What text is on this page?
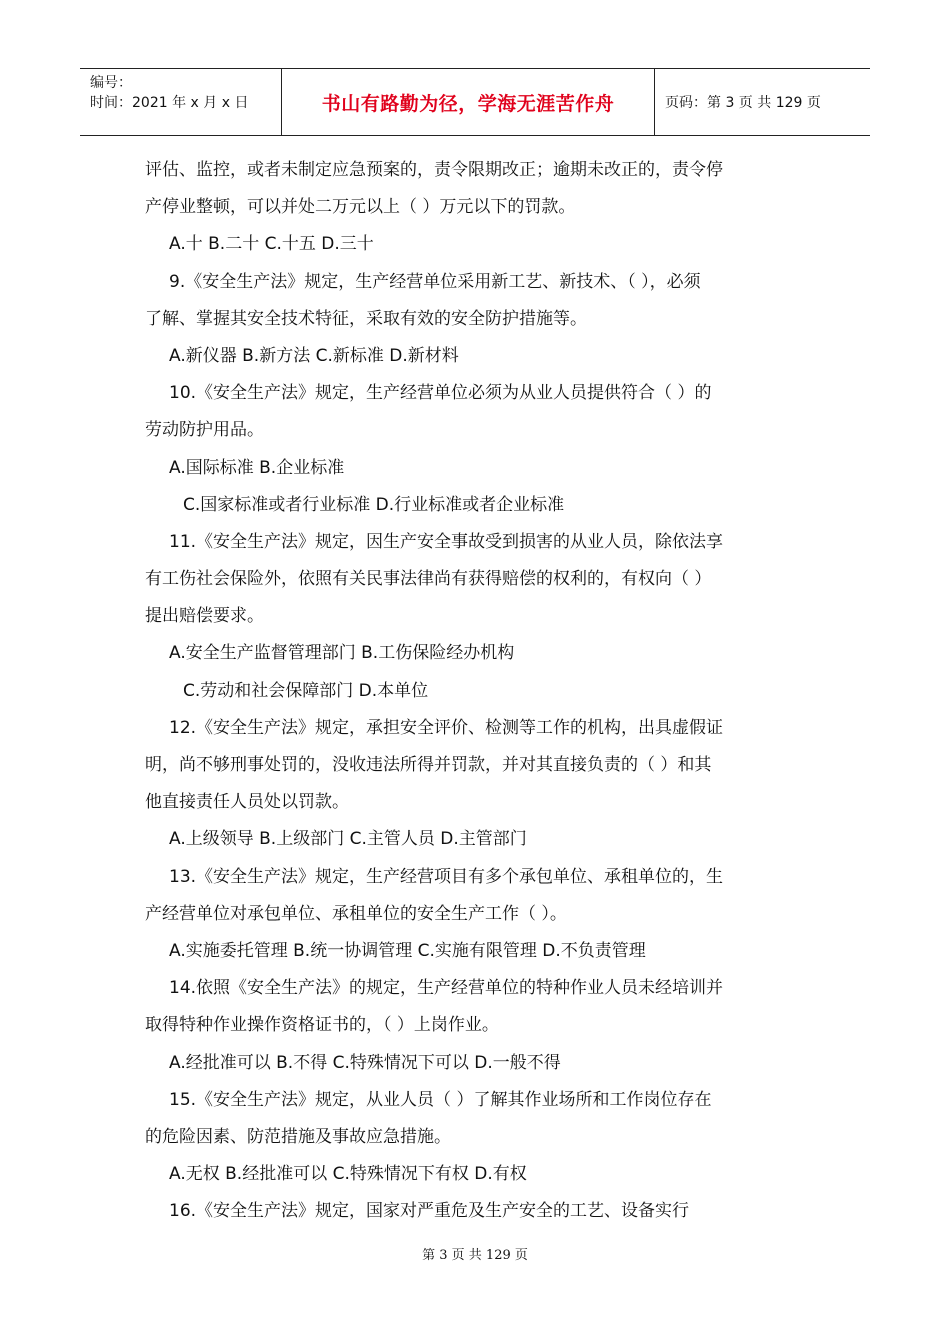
编号：
时间：2021 年 x 月 x 日	书山有路勤为径，学海无涯苦作舟	页码：第 3 页 共 129 页
评估、监控，或者未制定应急预案的，责令限期改正；逾期未改正的，责令停
产停业整顿，可以并处二万元以上（ ）万元以下的罚款。
A.十 B.二十 C.十五 D.三十
9.《安全生产法》规定，生产经营单位采用新工艺、新技术、（ ），必须
了解、掌握其安全技术特征，采取有效的安全防护措施等。
A.新仪器 B.新方法 C.新标准 D.新材料
10.《安全生产法》规定，生产经营单位必须为从业人员提供符合（ ）的
劳动防护用品。
A.国际标准 B.企业标准
C.国家标准或者行业标准 D.行业标准或者企业标准
11.《安全生产法》规定，因生产安全事故受到损害的从业人员，除依法享
有工伤社会保险外，依照有关民事法律尚有获得赔偿的权利的，有权向（ ）
提出赔偿要求。
A.安全生产监督管理部门 B.工伤保险经办机构
C.劳动和社会保障部门 D.本单位
12.《安全生产法》规定，承担安全评价、检测等工作的机构，出具虚假证
明，尚不够刑事处罚的，没收违法所得并罚款，并对其直接负责的（ ）和其
他直接责任人员处以罚款。
A.上级领导 B.上级部门 C.主管人员 D.主管部门
13.《安全生产法》规定，生产经营项目有多个承包单位、承租单位的，生
产经营单位对承包单位、承租单位的安全生产工作（ ）。
A.实施委托管理 B.统一协调管理 C.实施有限管理 D.不负责管理
14.依照《安全生产法》的规定，生产经营单位的特种作业人员未经培训并
取得特种作业操作资格证书的，（ ）上岗作业。
A.经批准可以 B.不得 C.特殊情况下可以 D.一般不得
15.《安全生产法》规定，从业人员（ ）了解其作业场所和工作岗位存在
的危险因素、防范措施及事故应急措施。
A.无权 B.经批准可以 C.特殊情况下有权 D.有权
16.《安全生产法》规定，国家对严重危及生产安全的工艺、设备实行
第 3 页 共 129 页
